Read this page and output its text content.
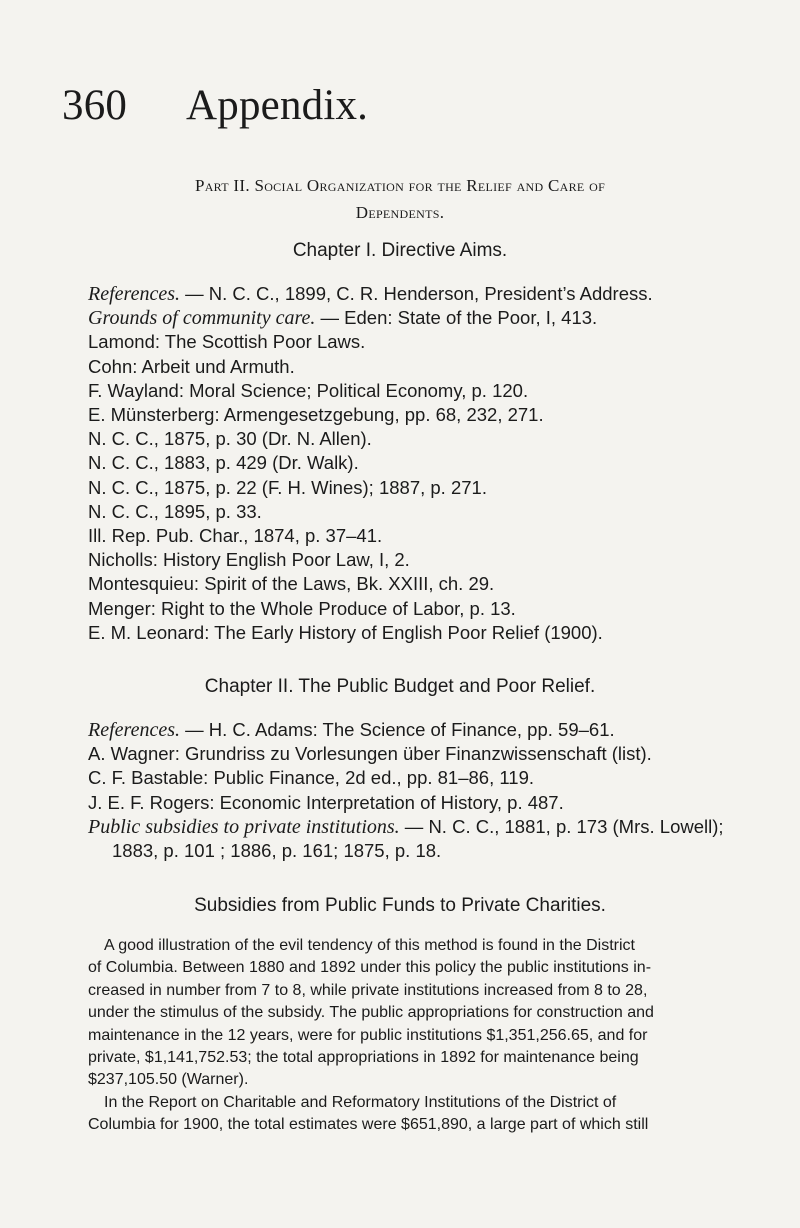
360 Appendix.
Part II. Social Organization for the Relief and Care of
Dependents.
Chapter I. Directive Aims.
References. — N. C. C., 1899, C. R. Henderson, President’s Address.
Grounds of community care. — Eden: State of the Poor, I, 413.
Lamond: The Scottish Poor Laws.
Cohn: Arbeit und Armuth.
F. Wayland: Moral Science; Political Economy, p. 120.
E. Münsterberg: Armengesetzgebung, pp. 68, 232, 271.
N. C. C., 1875, p. 30 (Dr. N. Allen).
N. C. C., 1883, p. 429 (Dr. Walk).
N. C. C., 1875, p. 22 (F. H. Wines); 1887, p. 271.
N. C. C., 1895, p. 33.
Ill. Rep. Pub. Char., 1874, p. 37–41.
Nicholls: History English Poor Law, I, 2.
Montesquieu: Spirit of the Laws, Bk. XXIII, ch. 29.
Menger: Right to the Whole Produce of Labor, p. 13.
E. M. Leonard: The Early History of English Poor Relief (1900).
Chapter II. The Public Budget and Poor Relief.
References. — H. C. Adams: The Science of Finance, pp. 59–61.
A. Wagner: Grundriss zu Vorlesungen über Finanzwissenschaft (list).
C. F. Bastable: Public Finance, 2d ed., pp. 81–86, 119.
J. E. F. Rogers: Economic Interpretation of History, p. 487.
Public subsidies to private institutions. — N. C. C., 1881, p. 173 (Mrs. Lowell);
1883, p. 101 ; 1886, p. 161; 1875, p. 18.
Subsidies from Public Funds to Private Charities.
A good illustration of the evil tendency of this method is found in the District
of Columbia. Between 1880 and 1892 under this policy the public institutions in-
creased in number from 7 to 8, while private institutions increased from 8 to 28,
under the stimulus of the subsidy. The public appropriations for construction and
maintenance in the 12 years, were for public institutions $1,351,256.65, and for
private, $1,141,752.53; the total appropriations in 1892 for maintenance being
$237,105.50 (Warner).
In the Report on Charitable and Reformatory Institutions of the District of
Columbia for 1900, the total estimates were $651,890, a large part of which still
